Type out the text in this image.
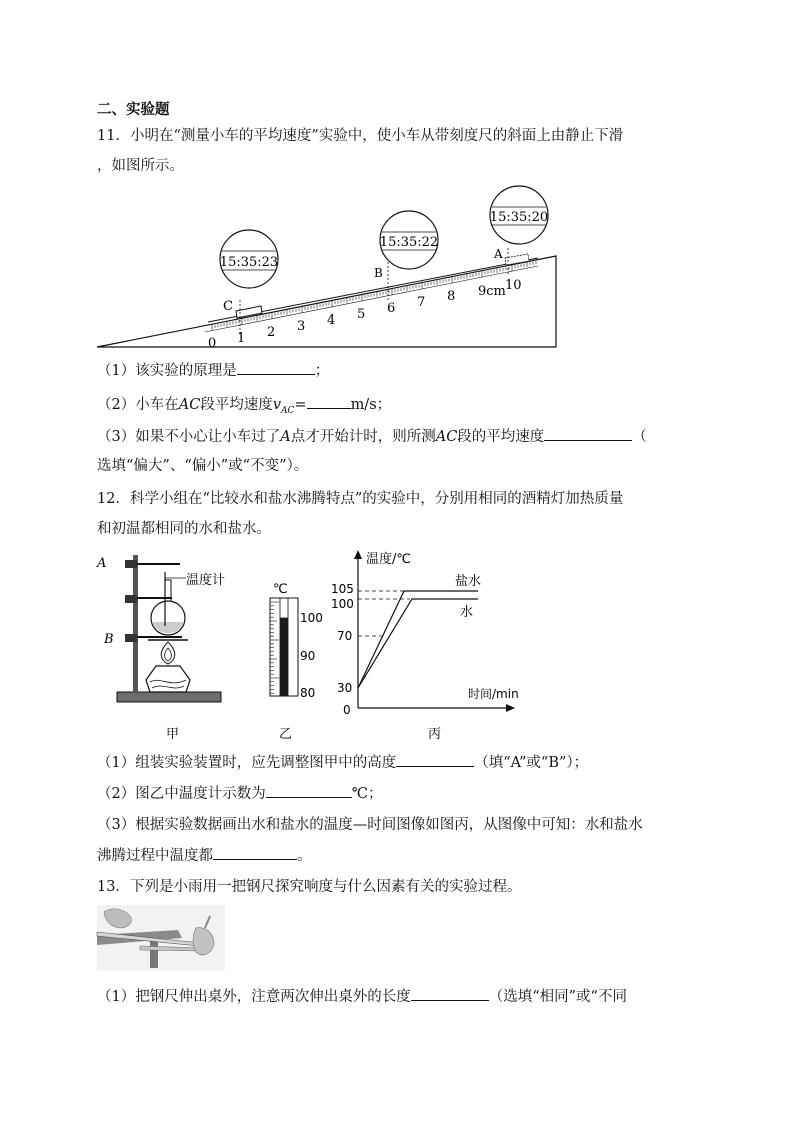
二、实验题
11．小明在“测量小车的平均速度”实验中，使小车从带刻度尺的斜面上由静止下滑
，如图所示。
0 1 2 3 4 5 6 7 8 9cm 10
C
A
B
15:35:23
15:35:22
15:35:20
（1）该实验的原理是	；
（2）小车在AC段平均速度$v_{AC}=$	m/s；
（3）如果不小心让小车过了A点才开始计时，则所测AC段的平均速度	（
选填“偏大”、“偏小”或“不变”）。
12．科学小组在“比较水和盐水沸腾特点”的实验中，分别用相同的酒精灯加热质量
和初温都相同的水和盐水。
A
B
温度计
甲
℃
100
90
80
乙
温度/℃
时间/min
0
105
100
70
30
盐水
水
丙
（1）组装实验装置时，应先调整图甲中的高度	（填“A”或“B”）；
（2）图乙中温度计示数为	℃；
（3）根据实验数据画出水和盐水的温度—时间图像如图丙，从图像中可知：水和盐水
沸腾过程中温度都	。
13．下列是小雨用一把钢尺探究响度与什么因素有关的实验过程。
（1）把钢尺伸出桌外，注意两次伸出桌外的长度	（选填“相同”或“不同
